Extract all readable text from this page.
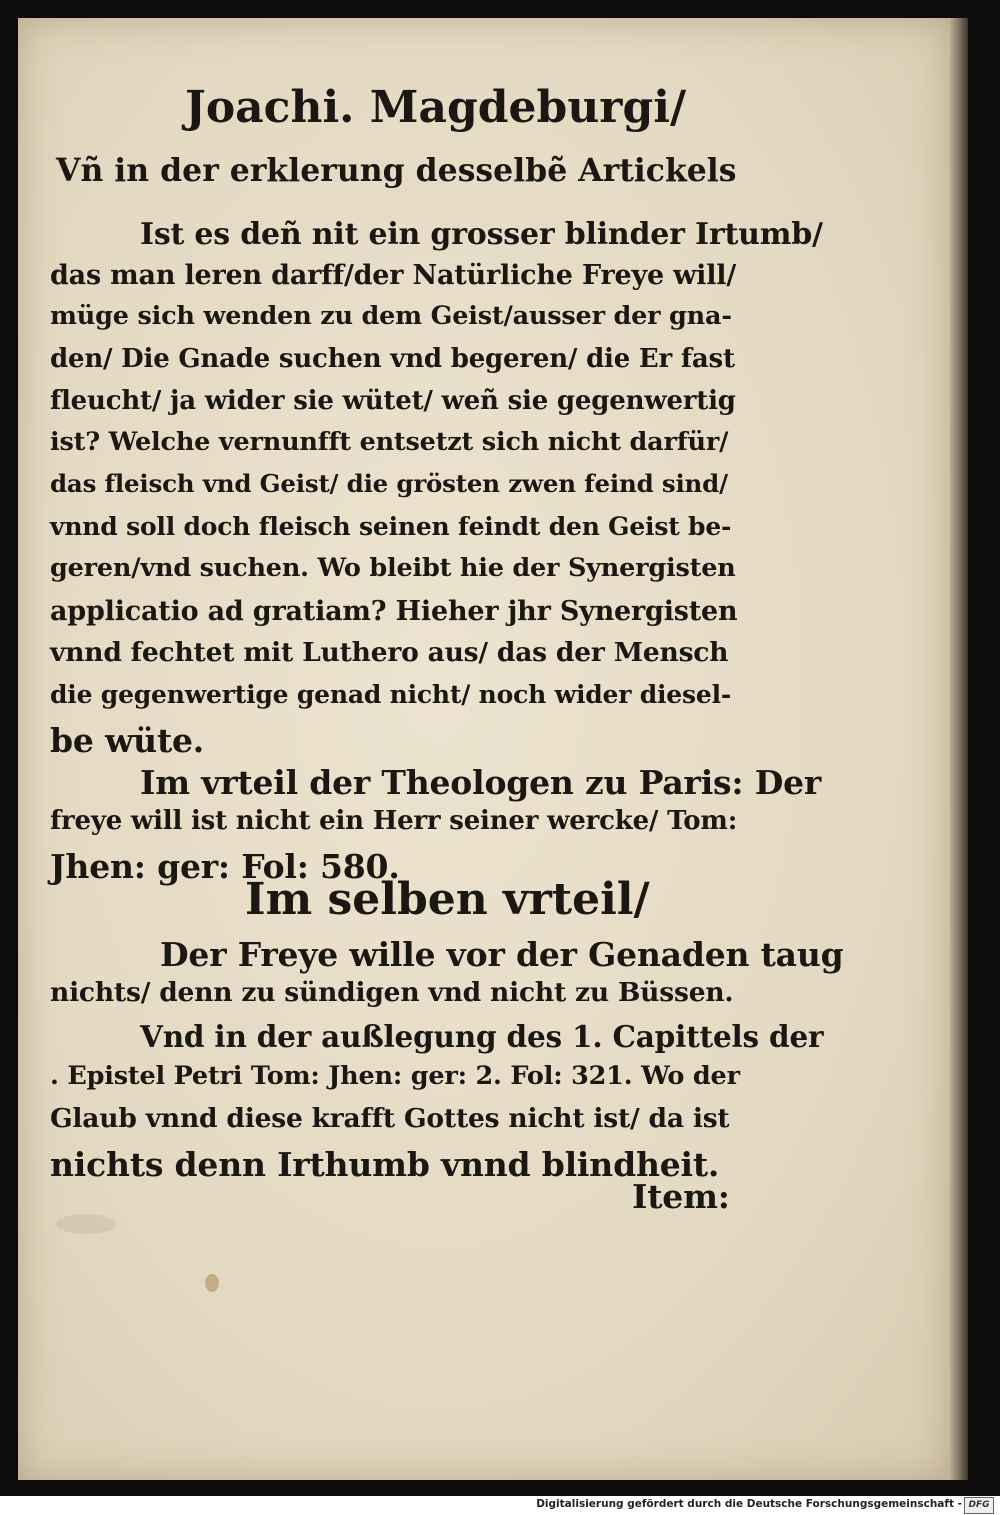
Joachi. Magdeburgi/
Vñ in der erklerung desselbẽ Artickels
Ist es deñ nit ein grosser blinder Irtumb/
das man leren darff/der Natürliche Freye will/
müge sich wenden zu dem Geist/ausser der gna-
den/ Die Gnade suchen vnd begeren/ die Er fast
fleucht/ ja wider sie wütet/ weñ sie gegenwertig
ist? Welche vernunfft entsetzt sich nicht darfür/
das fleisch vnd Geist/ die grösten zwen feind sind/
vnnd soll doch fleisch seinen feindt den Geist be-
geren/vnd suchen. Wo bleibt hie der Synergisten
applicatio ad gratiam? Hieher jhr Synergisten
vnnd fechtet mit Luthero aus/ das der Mensch
die gegenwertige genad nicht/ noch wider diesel-
be wüte.
Im vrteil der Theologen zu Paris: Der
freye will ist nicht ein Herr seiner wercke/ Tom:
Jhen: ger: Fol: 580.
Im selben vrteil/
Der Freye wille vor der Genaden taug
nichts/ denn zu sündigen vnd nicht zu Büssen.
Vnd in der außlegung des 1. Capittels der
. Epistel Petri Tom: Jhen: ger: 2. Fol: 321. Wo der
Glaub vnnd diese krafft Gottes nicht ist/ da ist
nichts denn Irthumb vnnd blindheit.
Item:
Digitalisierung gefördert durch die Deutsche Forschungsgemeinschaft - DFG
